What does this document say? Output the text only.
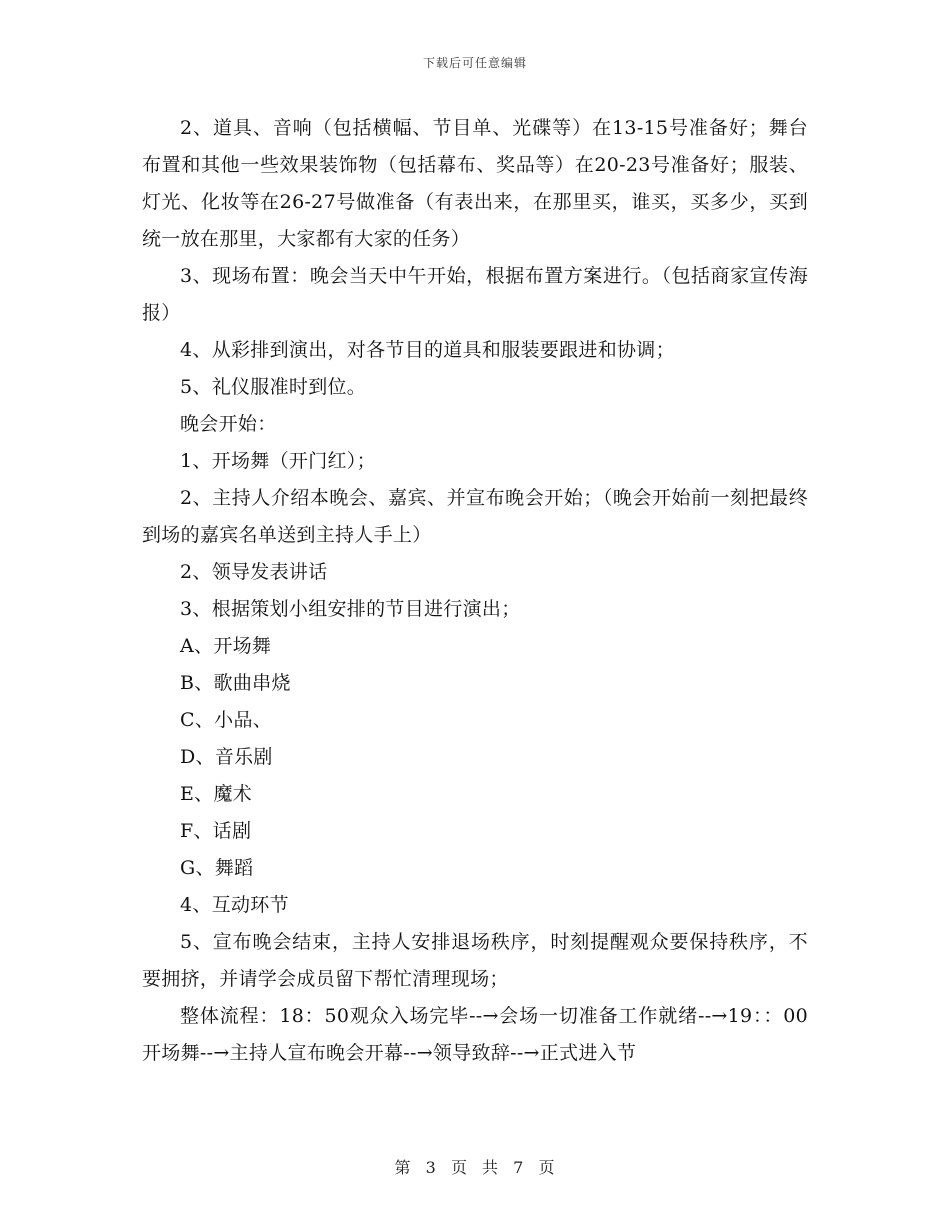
下载后可任意编辑

2、道具、音响（包括横幅、节目单、光碟等）在13-15号准备好；舞台布置和其他一些效果装饰物（包括幕布、奖品等）在20-23号准备好；服装、灯光、化妆等在26-27号做准备（有表出来，在那里买，谁买，买多少，买到统一放在那里，大家都有大家的任务）

3、现场布置：晚会当天中午开始，根据布置方案进行。（包括商家宣传海报）

4、从彩排到演出，对各节目的道具和服装要跟进和协调；

5、礼仪服准时到位。

晚会开始：

1、开场舞（开门红）；

2、主持人介绍本晚会、嘉宾、并宣布晚会开始；（晚会开始前一刻把最终到场的嘉宾名单送到主持人手上）

2、领导发表讲话

3、根据策划小组安排的节目进行演出；

A、开场舞

B、歌曲串烧

C、小品、

D、音乐剧

E、魔术

F、话剧

G、舞蹈

4、互动环节

5、宣布晚会结束，主持人安排退场秩序，时刻提醒观众要保持秩序，不要拥挤，并请学会成员留下帮忙清理现场；

整体流程：18：50观众入场完毕--→会场一切准备工作就绪--→19：：00开场舞--→主持人宣布晚会开幕--→领导致辞--→正式进入节

第 3 页 共 7 页
